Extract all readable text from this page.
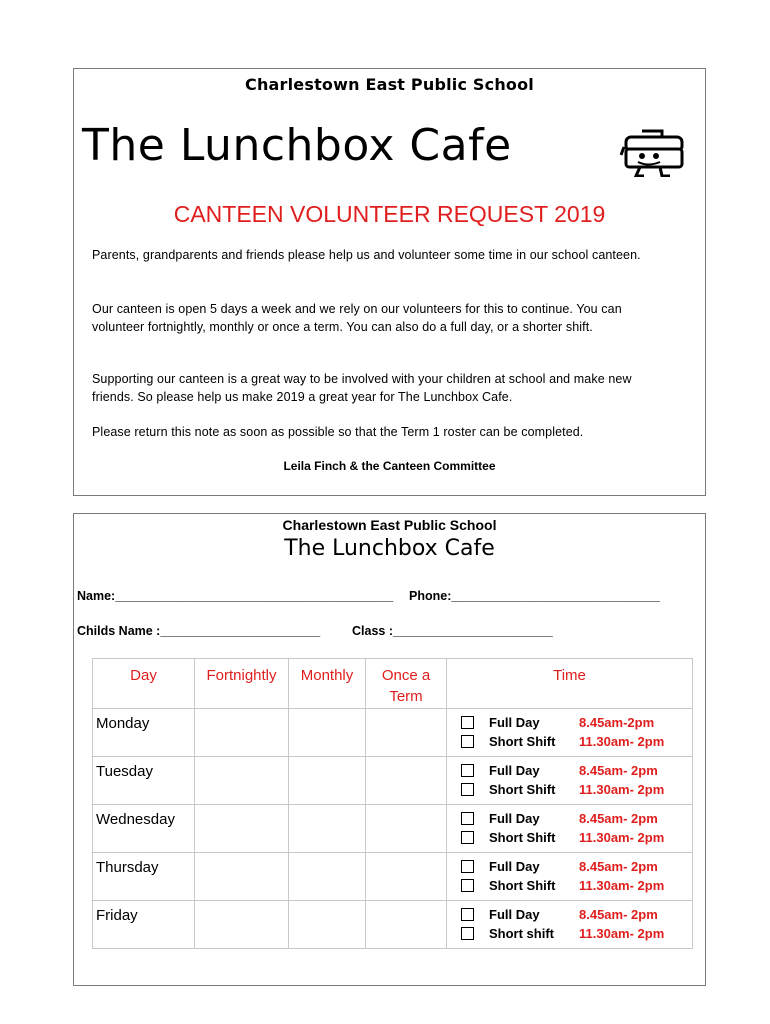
Charlestown East Public School
The Lunchbox Cafe
CANTEEN VOLUNTEER REQUEST 2019
Parents, grandparents and friends please help us and volunteer some time in our school canteen.
Our canteen is open 5 days a week and we rely on our volunteers for this to continue. You can volunteer fortnightly, monthly or once a term. You can also do a full day, or a shorter shift.
Supporting our canteen is a great way to be involved with your children at school and make new friends. So please help us make 2019 a great year for The Lunchbox Cafe.
Please return this note as soon as possible so that the Term 1 roster can be completed.
Leila Finch & the Canteen Committee
Charlestown East Public School
The Lunchbox Cafe
Name:________________________________________ Phone:______________________________
Childs Name :_______________________	Class :_______________________
Day	Fortnightly	Monthly	Once a Term	Time
Monday				Full Day 8.45am-2pm
Short Shift 11.30am- 2pm

Tuesday				Full Day 8.45am- 2pm
Short Shift 11.30am- 2pm

Wednesday				Full Day 8.45am- 2pm
Short Shift 11.30am- 2pm

Thursday				Full Day 8.45am- 2pm
Short Shift 11.30am- 2pm

Friday				Full Day 8.45am- 2pm
Short shift 11.30am- 2pm
